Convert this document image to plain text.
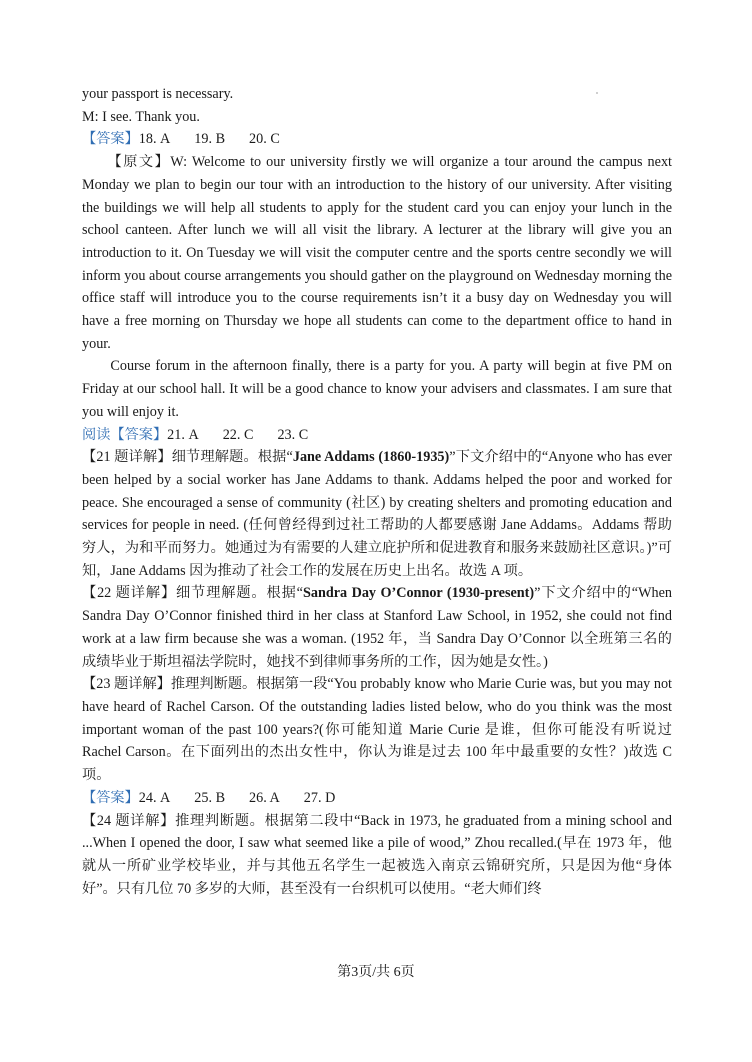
your passport is necessary.
M: I see. Thank you.
【答案】18. A 19. B 20. C
【原文】W: Welcome to our university firstly we will organize a tour around the campus next Monday we plan to begin our tour with an introduction to the history of our university. After visiting the buildings we will help all students to apply for the student card you can enjoy your lunch in the school canteen. After lunch we will all visit the library. A lecturer at the library will give you an introduction to it. On Tuesday we will visit the computer centre and the sports centre secondly we will inform you about course arrangements you should gather on the playground on Wednesday morning the office staff will introduce you to the course requirements isn’t it a busy day on Wednesday you will have a free morning on Thursday we hope all students can come to the department office to hand in your.
Course forum in the afternoon finally, there is a party for you. A party will begin at five PM on Friday at our school hall. It will be a good chance to know your advisers and classmates. I am sure that you will enjoy it.
阅读【答案】21. A 22. C 23. C
【21 题详解】细节理解题。根据“Jane Addams (1860-1935)”下文介绍中的“Anyone who has ever been helped by a social worker has Jane Addams to thank. Addams helped the poor and worked for peace. She encouraged a sense of community (社区) by creating shelters and promoting education and services for people in need. (任何曾经得到过社工帮助的人都要感谢 Jane Addams。Addams 帮助穷人，为和平而努力。她通过为有需要的人建立庇护所和促进教育和服务来鼓励社区意识。)”可知，Jane Addams 因为推动了社会工作的发展在历史上出名。故选 A 项。
【22 题详解】细节理解题。根据“Sandra Day O’Connor (1930-present)”下文介绍中的“When Sandra Day O’Connor finished third in her class at Stanford Law School, in 1952, she could not find work at a law firm because she was a woman. (1952 年，当 Sandra Day O’Connor 以全班第三名的成绩毕业于斯坦福法学院时，她找不到律师事务所的工作，因为她是女性。)
【23 题详解】推理判断题。根据第一段“You probably know who Marie Curie was, but you may not have heard of Rachel Carson. Of the outstanding ladies listed below, who do you think was the most important woman of the past 100 years?(你可能知道 Marie Curie 是谁，但你可能没有听说过 Rachel Carson。在下面列出的杰出女性中，你认为谁是过去 100 年中最重要的女性？)故选 C 项。
【答案】24. A 25. B 26. A 27. D
【24 题详解】推理判断题。根据第二段中“Back in 1973, he graduated from a mining school and ...When I opened the door, I saw what seemed like a pile of wood,” Zhou recalled.(早在 1973 年，他就从一所矿业学校毕业，并与其他五名学生一起被选入南京云锦研究所，只是因为他“身体好”。只有几位 70 多岁的大师，甚至没有一台织机可以使用。“老大师们终
第3页/共 6页
